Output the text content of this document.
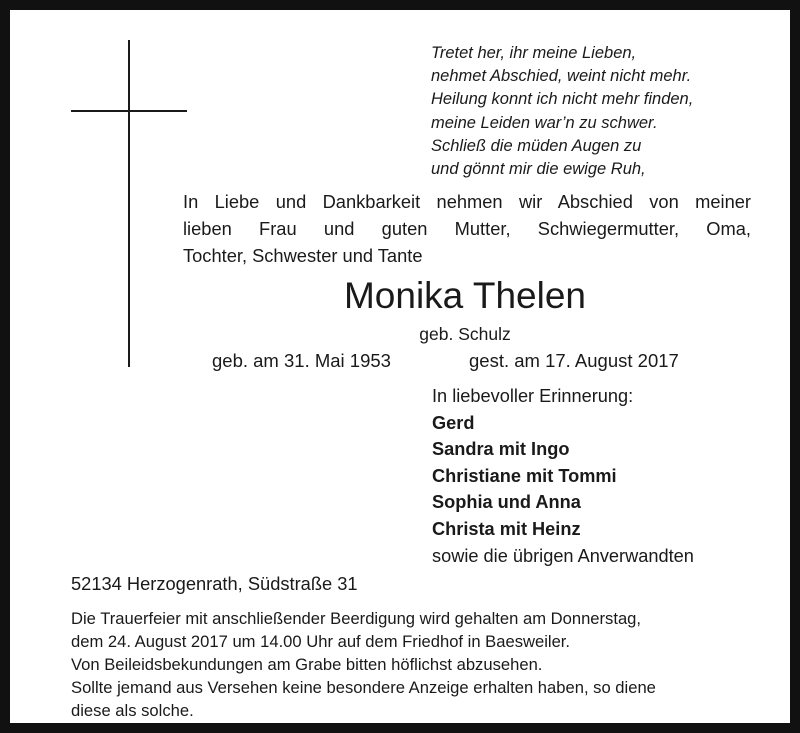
Tretet her, ihr meine Lieben,
nehmet Abschied, weint nicht mehr.
Heilung konnt ich nicht mehr finden,
meine Leiden war’n zu schwer.
Schließ die müden Augen zu
und gönnt mir die ewige Ruh,
In Liebe und Dankbarkeit nehmen wir Abschied von meiner
lieben Frau und guten Mutter, Schwiegermutter, Oma,
Tochter, Schwester und Tante
Monika Thelen
geb. Schulz
geb. am 31. Mai 1953	gest. am 17. August 2017
In liebevoller Erinnerung:
Gerd
Sandra mit Ingo
Christiane mit Tommi
Sophia und Anna
Christa mit Heinz
sowie die übrigen Anverwandten
52134 Herzogenrath, Südstraße 31
Die Trauerfeier mit anschließender Beerdigung wird gehalten am Donnerstag,
dem 24. August 2017 um 14.00 Uhr auf dem Friedhof in Baesweiler.
Von Beileidsbekundungen am Grabe bitten höflichst abzusehen.
Sollte jemand aus Versehen keine besondere Anzeige erhalten haben, so diene
diese als solche.
